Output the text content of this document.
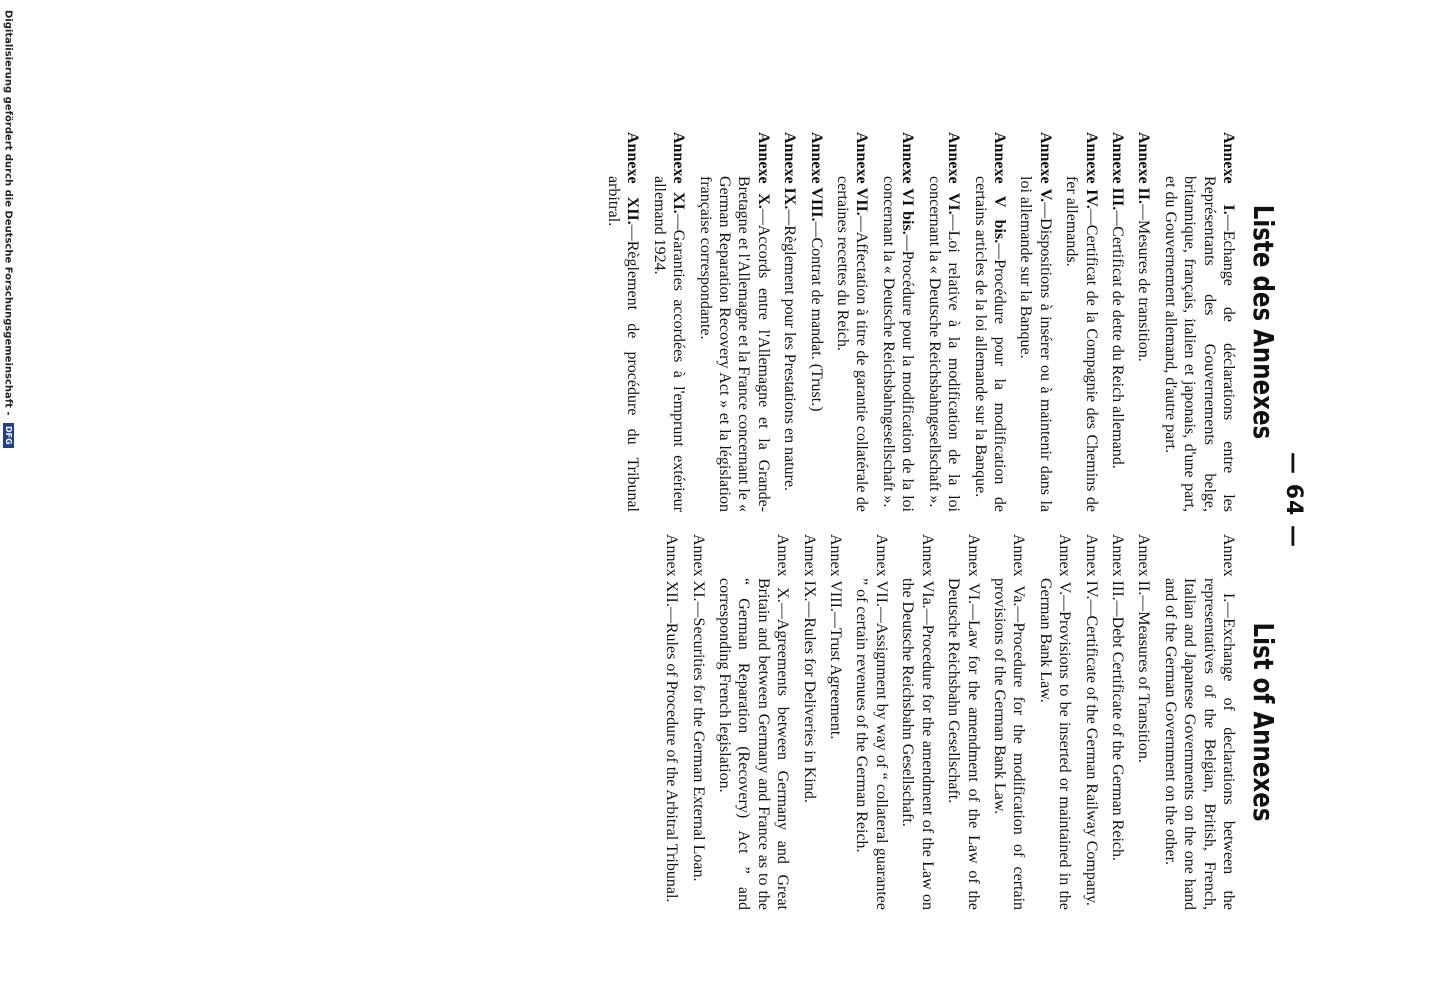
— 64 —
Liste des Annexes

Annexe I.—Echange de déclarations entre les Représentants des Gouvernements belge, britannique, français, italien et japonais, d'une part, et du Gouvernement allemand, d'autre part.

Annexe II.—Mesures de transition.

Annexe III.—Certificat de dette du Reich allemand.

Annexe IV.—Certificat de la Compagnie des Chemins de fer allemands.

Annexe V.—Dispositions à insérer ou à maintenir dans la loi allemande sur la Banque.

Annexe V bis.—Procédure pour la modification de certains articles de la loi allemande sur la Banque.

Annexe VI.—Loi relative à la modification de la loi concernant la « Deutsche Reichsbahngesellschaft ».

Annexe VI bis.—Procédure pour la modification de la loi concernant la « Deutsche Reichsbahngesellschaft ».

Annexe VII.—Affectation à titre de garantie collatérale de certaines recettes du Reich.

Annexe VIII.—Contrat de mandat. (Trust.)

Annexe IX.—Règlement pour les Prestations en nature.

Annexe X.—Accords entre l'Allemagne et la Grande-Bretagne et l'Allemagne et la France concernant le « German Reparation Recovery Act » et la législation française correspondante.

Annexe XI.—Garanties accordées à l'emprunt extérieur allemand 1924.

Annexe XII.—Règlement de procédure du Tribunal arbitral.

List of Annexes

Annex I.—Exchange of declarations between the representatives of the Belgian, British, French, Italian and Japanese Governments on the one hand and of the German Government on the other.

Annex II.—Measures of Transition.

Annex III.—Debt Certificate of the German Reich.

Annex IV.—Certificate of the German Railway Company.

Annex V.—Provisions to be inserted or maintained in the German Bank Law.

Annex Va.—Procedure for the modification of certain provisions of the German Bank Law.

Annex VI.—Law for the amendment of the Law of the Deutsche Reichsbahn Gesellschaft.

Annex VIa.—Procedure for the amendment of the Law on the Deutsche Reichsbahn Gesellschaft.

Annex VII.—Assignment by way of “ collateral guarantee ” of certain revenues of the German Reich.

Annex VIII.—Trust Agreement.

Annex IX.—Rules for Deliveries in Kind.

Annex X.—Agreements between Germany and Great Britain and between Germany and France as to the “ German Reparation (Recovery) Act ” and corresponding French legislation.

Annex XI.—Securities for the German External Loan.

Annex XII.—Rules of Procedure of the Arbitral Tribunal.

Digitalisierung gefördert durch die Deutsche Forschungsgemeinschaft - DFG
